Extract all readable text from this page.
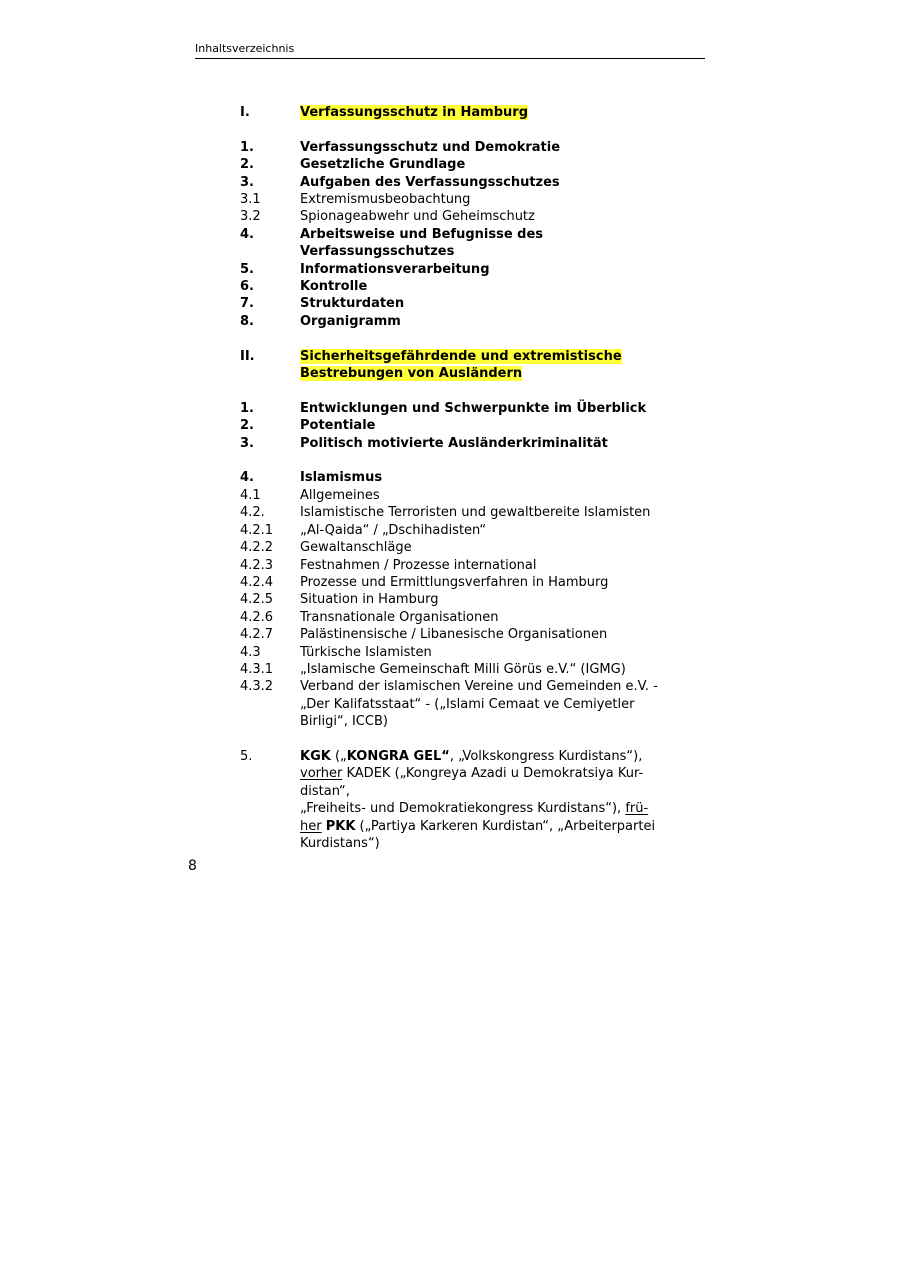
Inhaltsverzeichnis
I.	Verfassungsschutz in Hamburg
1.	Verfassungsschutz und Demokratie
2.	Gesetzliche Grundlage
3.	Aufgaben des Verfassungsschutzes
3.1	Extremismusbeobachtung
3.2	Spionageabwehr und Geheimschutz
4.	Arbeitsweise und Befugnisse des Verfassungsschutzes
5.	Informationsverarbeitung
6.	Kontrolle
7.	Strukturdaten
8.	Organigramm
II.	Sicherheitsgefährdende und extremistische
Bestrebungen von Ausländern
1.	Entwicklungen und Schwerpunkte im Überblick
2.	Potentiale
3.	Politisch motivierte Ausländerkriminalität
4.	Islamismus
4.1	Allgemeines
4.2.	Islamistische Terroristen und gewaltbereite Islamisten
4.2.1	„Al-Qaida“ / „Dschihadisten“
4.2.2	Gewaltanschläge
4.2.3	Festnahmen / Prozesse international
4.2.4	Prozesse und Ermittlungsverfahren in Hamburg
4.2.5	Situation in Hamburg
4.2.6	Transnationale Organisationen
4.2.7	Palästinensische / Libanesische Organisationen
4.3	Türkische Islamisten
4.3.1	„Islamische Gemeinschaft Milli Görüs e.V.“ (IGMG)
4.3.2	Verband der islamischen Vereine und Gemeinden e.V. -
„Der Kalifatsstaat“ - („Islami Cemaat ve Cemiyetler
Birligi“, ICCB)
5.	KGK („KONGRA GEL“, „Volkskongress Kurdistans“),
vorher KADEK („Kongreya Azadi u Demokratsiya Kur-
distan“,
„Freiheits- und Demokratiekongress Kurdistans“), frü-
her PKK („Partiya Karkeren Kurdistan“, „Arbeiterpartei
Kurdistans“)
8
